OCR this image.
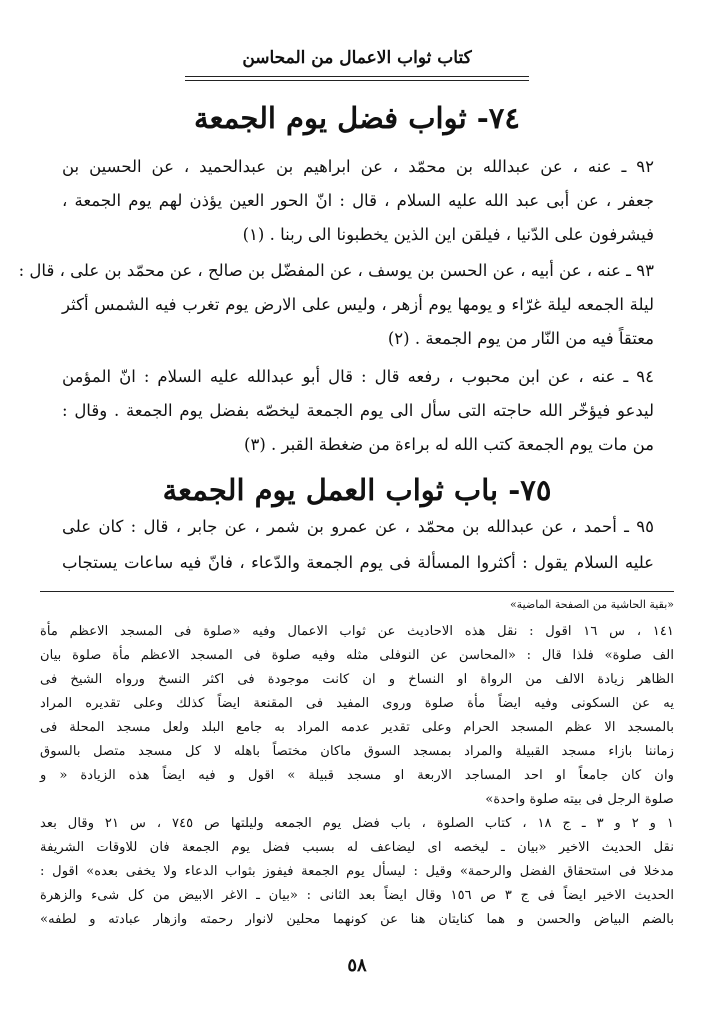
كتاب ثواب الاعمال من المحاسن
٧٤- ثواب فضل يوم الجمعة
٩٢ ـ عنه ، عن عبدالله بن محمّد ، عن ابراهيم بن عبدالحميد ، عن الحسين بن
جعفر ، عن أبى عبد الله عليه السلام ، قال : انّ الحور العين يؤذن لهم يوم الجمعة ،
فيشرفون على الدّنيا ، فيلقن اين الذين يخطبونا الى ربنا . (١)
٩٣ ـ عنه ، عن أبيه ، عن الحسن بن يوسف ، عن المفضّل بن صالح ، عن محمّد بن على ، قال :
ليلة الجمعه ليلة غرّاء و يومها يوم أزهر ، وليس على الارض يوم تغرب فيه الشمس أكثر
معتقاً فيه من النّار من يوم الجمعة . (٢)
٩٤ ـ عنه ، عن ابن محبوب ، رفعه قال : قال أبو عبدالله عليه السلام : انّ المؤمن
ليدعو فيؤخّر الله حاجته التى سأل الى يوم الجمعة ليخصّه بفضل يوم الجمعة . وقال :
من مات يوم الجمعة كتب الله له براءة من ضغطة القبر . (٣)
٩٥ ـ أحمد ، عن عبدالله بن محمّد ، عن عمرو بن شمر ، عن جابر ، قال : كان على
عليه السلام يقول : أكثروا المسألة فى يوم الجمعة والدّعاء ، فانّ فيه ساعات يستجاب
٧٥- باب ثواب العمل يوم الجمعة
«بقية الحاشية من الصفحة الماضية»
١٤١ ، س ١٦ اقول : نقل هذه الاحاديث عن ثواب الاعمال وفيه «صلوة فى المسجد الاعظم مأة
الف صلوة» فلذا قال : «المحاسن عن النوفلى مثله وفيه صلوة فى المسجد الاعظم مأة صلوة بيان
الظاهر زيادة الالف من الرواة او النساخ و ان كانت موجودة فى اكثر النسخ ورواه الشيخ فى
يه عن السكونى وفيه ايضاً مأة صلوة وروى المفيد فى المقنعة ايضاً كذلك وعلى تقديره المراد
بالمسجد الا عظم المسجد الحرام وعلى تقدير عدمه المراد به جامع البلد ولعل مسجد المحلة فى
زماننا بازاء مسجد القبيلة والمراد بمسجد السوق ماكان مختصاً باهله لا كل مسجد متصل بالسوق
وان كان جامعاً او احد المساجد الاربعة او مسجد قبيلة » اقول و فيه ايضاً هذه الزيادة « و
صلوة الرجل فى بيته صلوة واحدة»
١ و ٢ و ٣ ـ ج ١٨ ، كتاب الصلوة ، باب فضل يوم الجمعه وليلتها ص ٧٤٥ ، س ٢١ وقال بعد
نقل الحديث الاخير «بيان ـ ليخصه اى ليضاعف له بسبب فضل يوم الجمعة فان للاوقات الشريفة
مدخلا فى استحقاق الفضل والرحمة» وقيل : ليسأل يوم الجمعة فيفوز بثواب الدعاء ولا يخفى بعده» اقول :
الحديث الاخير ايضاً فى ج ٣ ص ١٥٦ وقال ايضاً بعد الثانى : «بيان ـ الاغر الابيض من كل شىء والزهرة
بالضم البياض والحسن و هما كنايتان هنا عن كونهما محلين لانوار رحمته وازهار عبادته و لطفه»
٥٨
